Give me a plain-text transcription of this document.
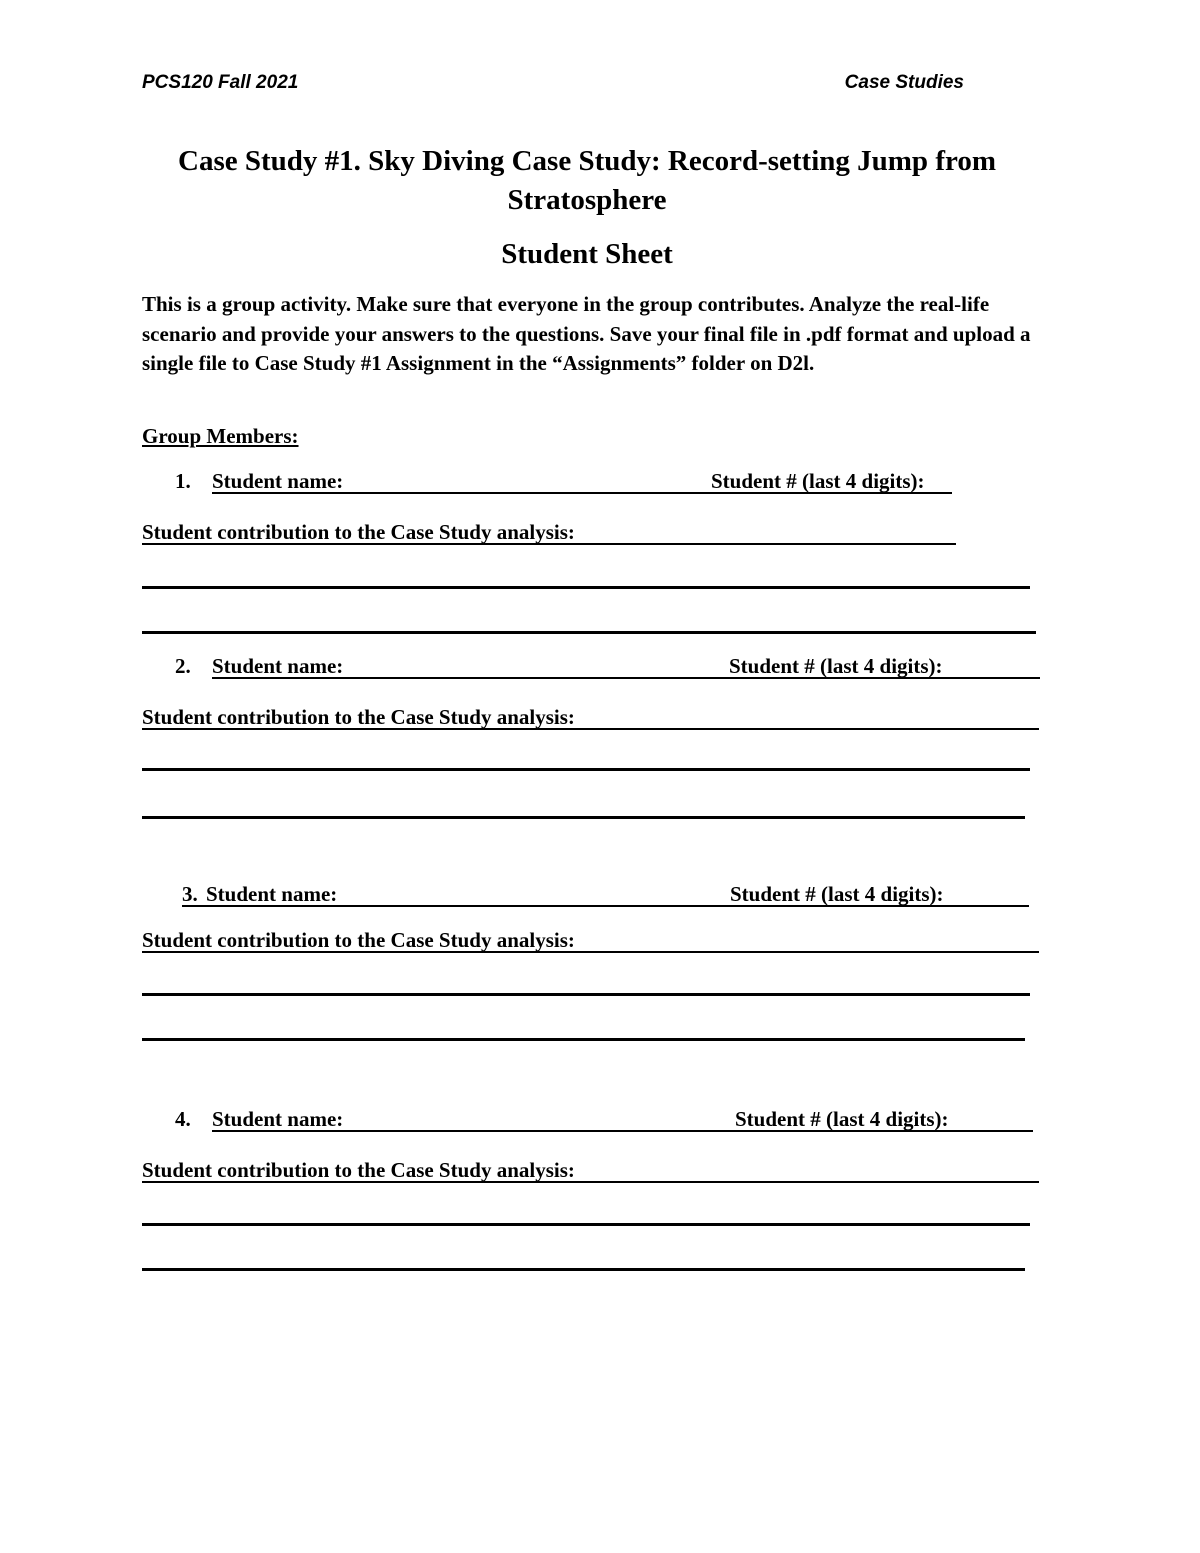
PCS120 Fall 2021	Case Studies
Case Study #1. Sky Diving Case Study: Record-setting Jump from Stratosphere
Student Sheet
This is a group activity. Make sure that everyone in the group contributes. Analyze the real-life scenario and provide your answers to the questions. Save your final file in .pdf format and upload a single file to Case Study #1 Assignment in the “Assignments” folder on D2l.
Group Members:
1. Student name:	Student # (last 4 digits):
Student contribution to the Case Study analysis:
2. Student name:	Student # (last 4 digits):
Student contribution to the Case Study analysis:
3. Student name:	Student # (last 4 digits):
Student contribution to the Case Study analysis:
4. Student name:	Student # (last 4 digits):
Student contribution to the Case Study analysis:
